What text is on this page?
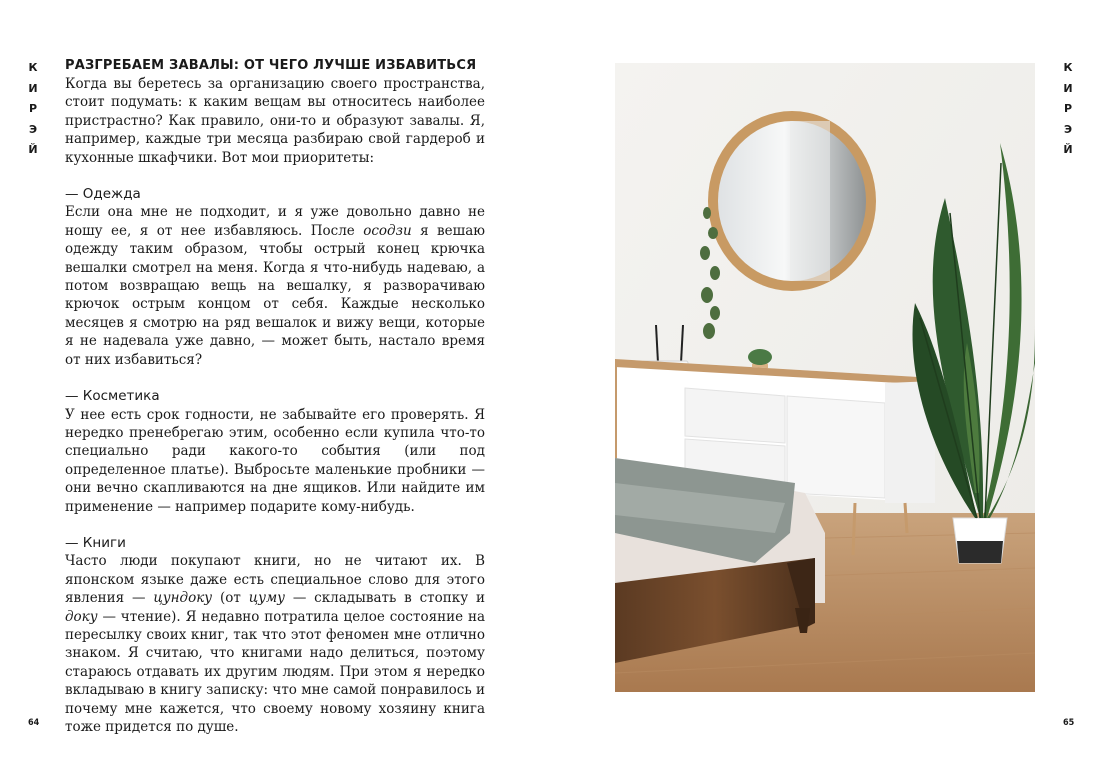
К
И
Р
Э
Й
РАЗГРЕБАЕМ ЗАВАЛЫ: ОТ ЧЕГО ЛУЧШЕ ИЗБАВИТЬСЯ

Когда вы беретесь за организацию своего пространства, стоит подумать: к каким вещам вы относитесь наиболее пристрастно? Как правило, они-то и образуют завалы. Я, например, каждые три месяца разбираю свой гардероб и кухонные шкафчики. Вот мои приоритеты:

— Одежда

Если она мне не подходит, и я уже довольно давно не ношу ее, я от нее избавляюсь. После осодзи я вешаю одежду таким образом, чтобы острый конец крючка вешалки смотрел на меня. Когда я что-нибудь надеваю, а потом возвращаю вещь на вешалку, я разворачиваю крючок острым концом от себя. Каждые несколько месяцев я смотрю на ряд вешалок и вижу вещи, которые я не надевала уже давно, — может быть, настало время от них избавиться?

— Косметика

У нее есть срок годности, не забывайте его проверять. Я нередко пренебрегаю этим, особенно если купила что-то специально ради какого-то события (или под определенное платье). Выбросьте маленькие пробники — они вечно скапливаются на дне ящиков. Или найдите им применение — например подарите кому-нибудь.

— Книги

Часто люди покупают книги, но не читают их. В японском языке даже есть специальное слово для этого явления — цундоку (от цуму — складывать в стопку и доку — чтение). Я недавно потратила целое состояние на пересылку своих книг, так что этот феномен мне отлично знаком. Я считаю, что книгами надо делиться, поэтому стараюсь отдавать их другим людям. При этом я нередко вкладываю в книгу записку: что мне самой понравилось и почему мне кажется, что своему новому хозяину книга тоже придется по душе.

64	65
К
И
Р
Э
Й
